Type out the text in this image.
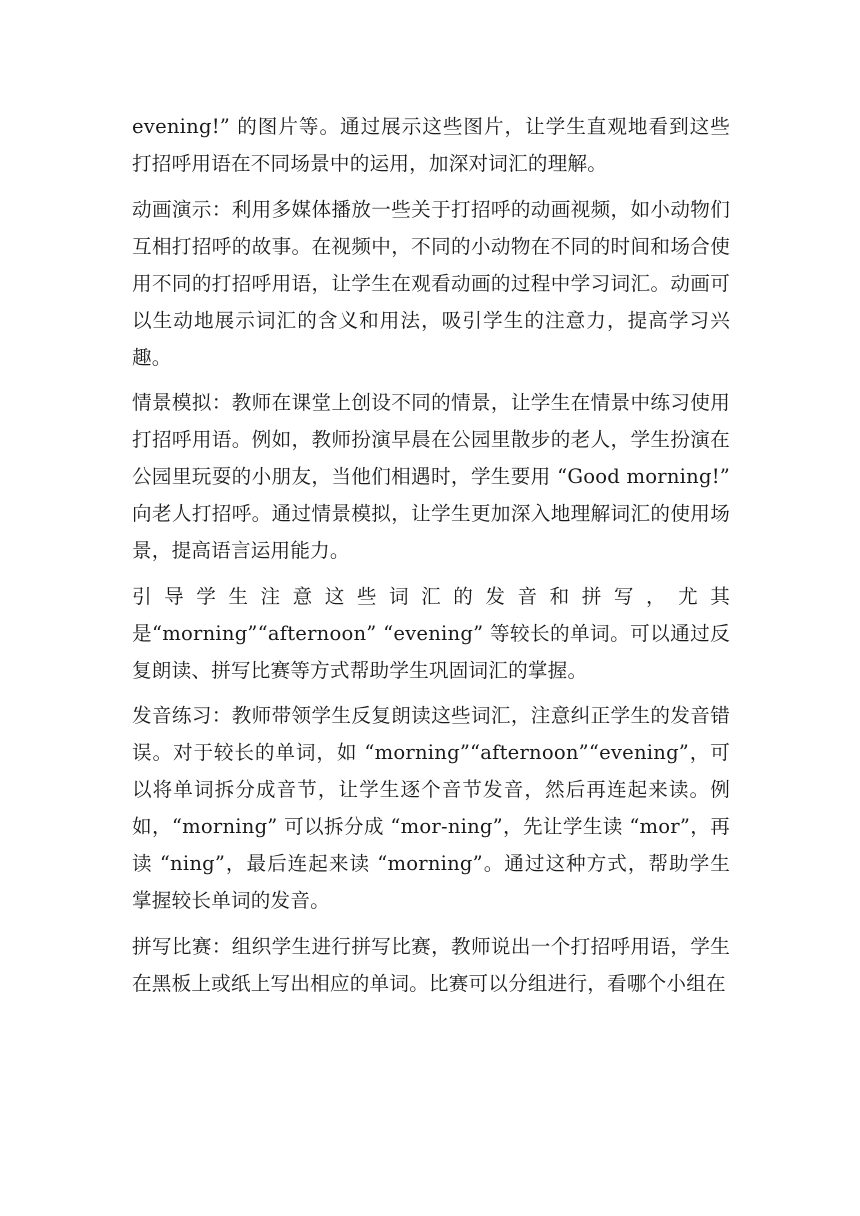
evening!” 的图片等。通过展示这些图片，让学生直观地看到这些打招呼用语在不同场景中的运用，加深对词汇的理解。

动画演示：利用多媒体播放一些关于打招呼的动画视频，如小动物们互相打招呼的故事。在视频中，不同的小动物在不同的时间和场合使用不同的打招呼用语，让学生在观看动画的过程中学习词汇。动画可以生动地展示词汇的含义和用法，吸引学生的注意力，提高学习兴趣。

情景模拟：教师在课堂上创设不同的情景，让学生在情景中练习使用打招呼用语。例如，教师扮演早晨在公园里散步的老人，学生扮演在公园里玩耍的小朋友，当他们相遇时，学生要用 “Good morning!” 向老人打招呼。通过情景模拟，让学生更加深入地理解词汇的使用场景，提高语言运用能力。

引导学生注意这些词汇的发音和拼写，尤其是“morning”“afternoon” “evening” 等较长的单词。可以通过反复朗读、拼写比赛等方式帮助学生巩固词汇的掌握。

发音练习：教师带领学生反复朗读这些词汇，注意纠正学生的发音错误。对于较长的单词，如 “morning”“afternoon”“evening”，可以将单词拆分成音节，让学生逐个音节发音，然后再连起来读。例如，“morning” 可以拆分成 “mor-ning”，先让学生读 “mor”，再读 “ning”，最后连起来读 “morning”。通过这种方式，帮助学生掌握较长单词的发音。

拼写比赛：组织学生进行拼写比赛，教师说出一个打招呼用语，学生在黑板上或纸上写出相应的单词。比赛可以分组进行，看哪个小组在
